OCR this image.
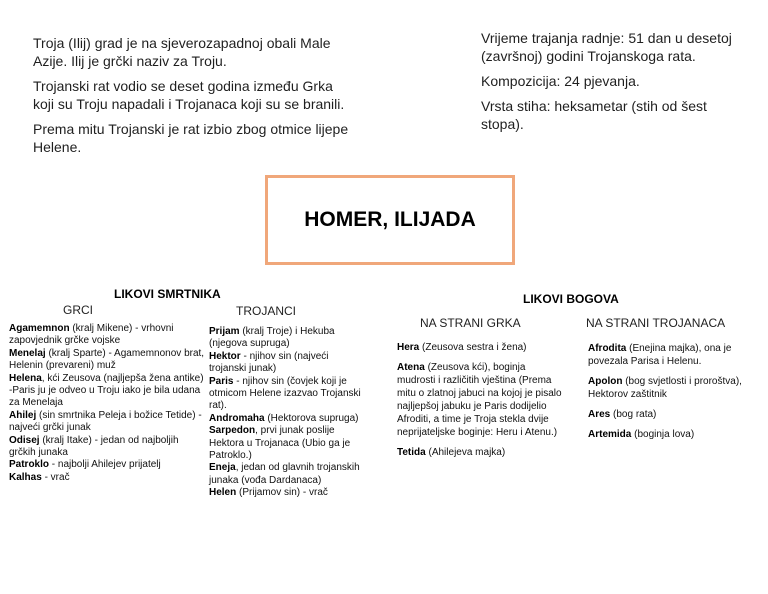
Troja (Ilij) grad je na sjeverozapadnoj obali Male Azije. Ilij je grčki naziv za Troju.

Trojanski rat vodio se deset godina između Grka koji su Troju napadali i Trojanaca koji su se branili.

Prema mitu Trojanski je rat izbio zbog otmice lijepe Helene.

Vrijeme trajanja radnje: 51 dan u desetoj (završnoj) godini Trojanskoga rata.

Kompozicija: 24 pjevanja.

Vrsta stiha: heksametar (stih od šest stopa).

HOMER, ILIJADA
LIKOVI SMRTNIKA
GRCI	TROJANCI

Agamemnon (kralj Mikene) - vrhovni zapovjednik grčke vojske

Menelaj (kralj Sparte) - Agamemnonov brat, Helenin (prevareni) muž

Helena, kći Zeusova (najljepša žena antike) -Paris ju je odveo u Troju iako je bila udana za Menelaja

Ahilej (sin smrtnika Peleja i božice Tetide) - najveći grčki junak

Odisej (kralj Itake) - jedan od najboljih grčkih junaka

Patroklo - najbolji Ahilejev prijatelj

Kalhas - vrač

Prijam (kralj Troje) i Hekuba (njegova supruga)

Hektor - njihov sin (najveći trojanski junak)

Paris - njihov sin (čovjek koji je otmicom Helene izazvao Trojanski rat).

Andromaha (Hektorova supruga)

Sarpedon, prvi junak poslije Hektora u Trojanaca (Ubio ga je Patroklo.)

Eneja, jedan od glavnih trojanskih junaka (vođa Dardanaca)

Helen (Prijamov sin) - vrač

LIKOVI BOGOVA
NA STRANI GRKA	NA STRANI TROJANACA

Hera (Zeusova sestra i žena)

Atena (Zeusova kći), boginja mudrosti i različitih vještina (Prema mitu o zlatnoj jabuci na kojoj je pisalo najljepšoj jabuku je Paris dodijelio Afroditi, a time je Troja stekla dvije neprijateljske boginje: Heru i Atenu.)

Tetida (Ahilejeva majka)

Afrodita (Enejina majka), ona je povezala Parisa i Helenu.

Apolon (bog svjetlosti i proroštva), Hektorov zaštitnik

Ares (bog rata)

Artemida (boginja lova)
